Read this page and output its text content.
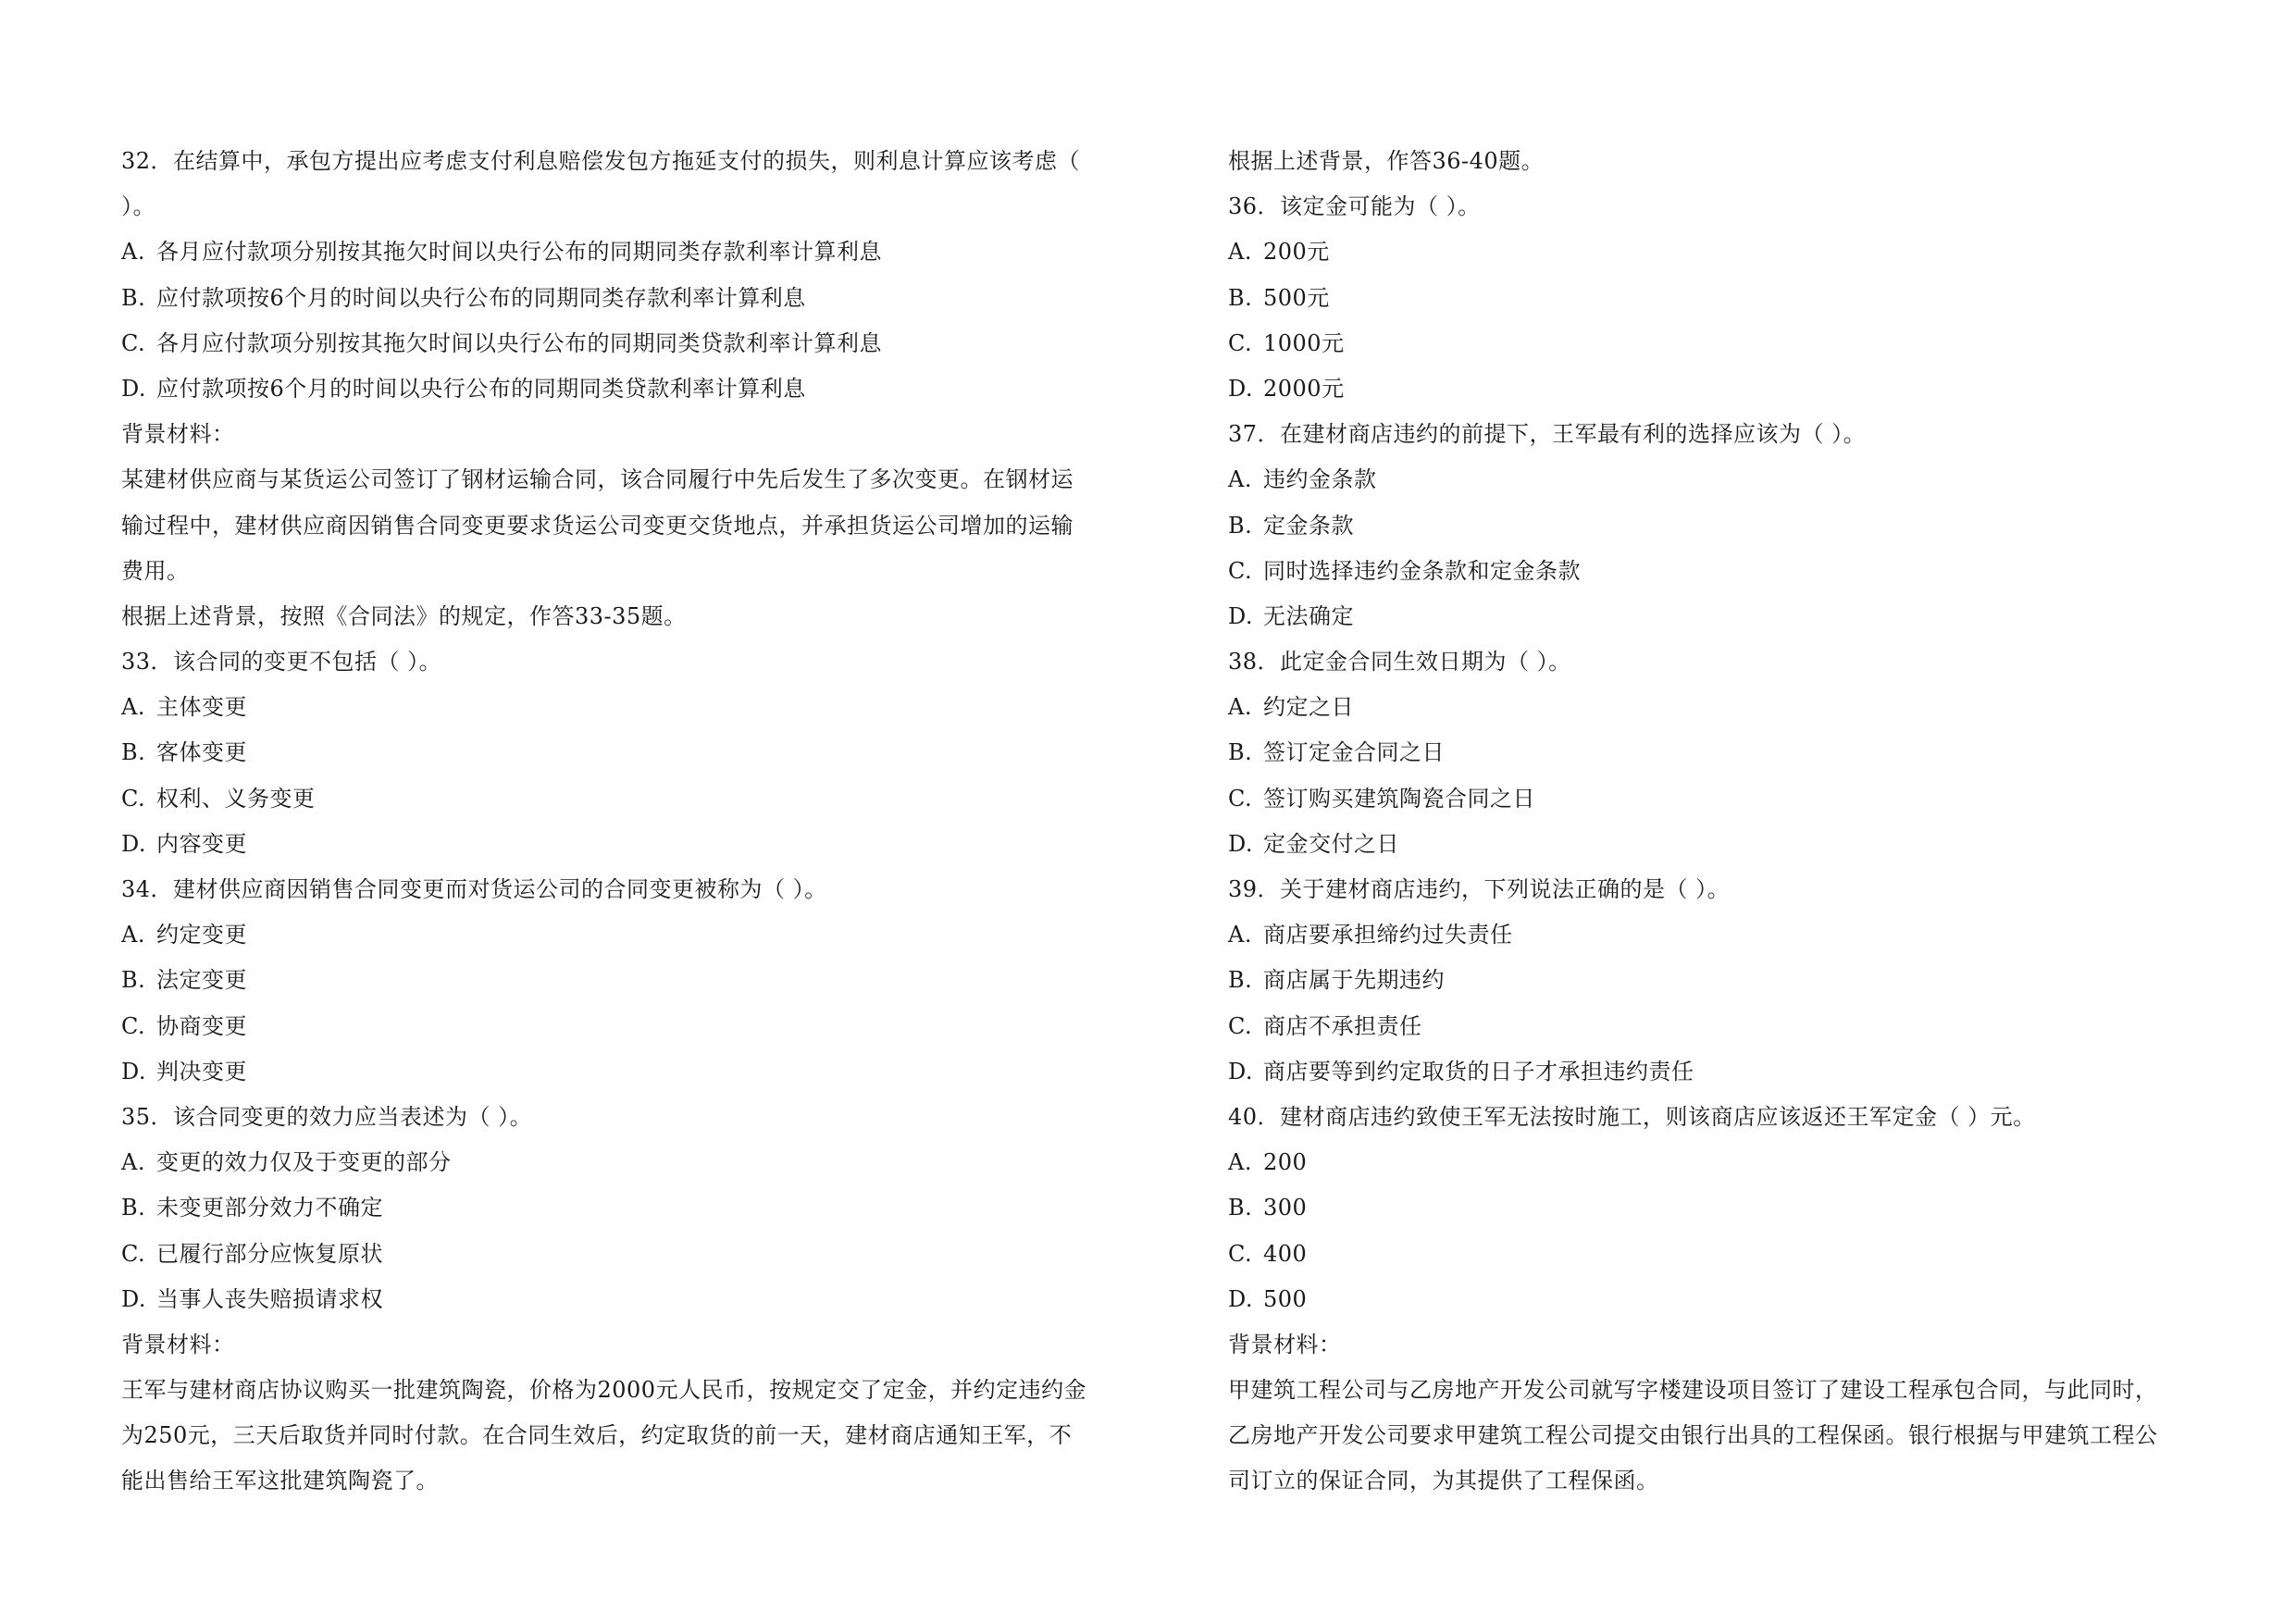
32．在结算中，承包方提出应考虑支付利息赔偿发包方拖延支付的损失，则利息计算应该考虑（
）。
A. 各月应付款项分别按其拖欠时间以央行公布的同期同类存款利率计算利息
B. 应付款项按6个月的时间以央行公布的同期同类存款利率计算利息
C. 各月应付款项分别按其拖欠时间以央行公布的同期同类贷款利率计算利息
D. 应付款项按6个月的时间以央行公布的同期同类贷款利率计算利息
背景材料：
某建材供应商与某货运公司签订了钢材运输合同，该合同履行中先后发生了多次变更。在钢材运
输过程中，建材供应商因销售合同变更要求货运公司变更交货地点，并承担货运公司增加的运输
费用。
根据上述背景，按照《合同法》的规定，作答33-35题。
33．该合同的变更不包括（ ）。
A. 主体变更
B. 客体变更
C. 权利、义务变更
D. 内容变更
34．建材供应商因销售合同变更而对货运公司的合同变更被称为（ ）。
A. 约定变更
B. 法定变更
C. 协商变更
D. 判决变更
35．该合同变更的效力应当表述为（ ）。
A. 变更的效力仅及于变更的部分
B. 未变更部分效力不确定
C. 已履行部分应恢复原状
D. 当事人丧失赔损请求权
背景材料：
王军与建材商店协议购买一批建筑陶瓷，价格为2000元人民币，按规定交了定金，并约定违约金
为250元，三天后取货并同时付款。在合同生效后，约定取货的前一天，建材商店通知王军，不
能出售给王军这批建筑陶瓷了。
根据上述背景，作答36-40题。
36．该定金可能为（ ）。
A. 200元
B. 500元
C. 1000元
D. 2000元
37．在建材商店违约的前提下，王军最有利的选择应该为（ ）。
A. 违约金条款
B. 定金条款
C. 同时选择违约金条款和定金条款
D. 无法确定
38．此定金合同生效日期为（ ）。
A. 约定之日
B. 签订定金合同之日
C. 签订购买建筑陶瓷合同之日
D. 定金交付之日
39．关于建材商店违约，下列说法正确的是（ ）。
A. 商店要承担缔约过失责任
B. 商店属于先期违约
C. 商店不承担责任
D. 商店要等到约定取货的日子才承担违约责任
40．建材商店违约致使王军无法按时施工，则该商店应该返还王军定金（ ）元。
A. 200
B. 300
C. 400
D. 500
背景材料：
甲建筑工程公司与乙房地产开发公司就写字楼建设项目签订了建设工程承包合同，与此同时，
乙房地产开发公司要求甲建筑工程公司提交由银行出具的工程保函。银行根据与甲建筑工程公
司订立的保证合同，为其提供了工程保函。
